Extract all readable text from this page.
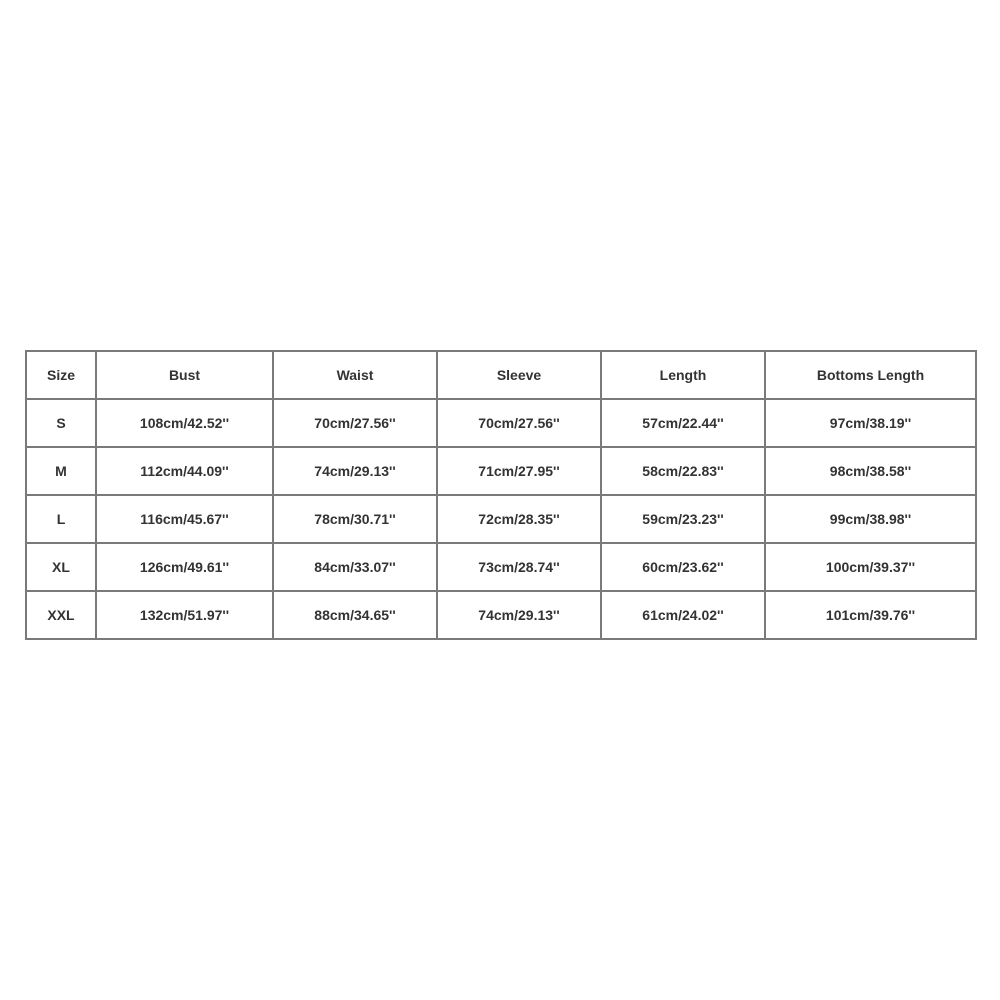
Size	Bust	Waist	Sleeve	Length	Bottoms Length
S	108cm/42.52''	70cm/27.56''	70cm/27.56''	57cm/22.44''	97cm/38.19''
M	112cm/44.09''	74cm/29.13''	71cm/27.95''	58cm/22.83''	98cm/38.58''
L	116cm/45.67''	78cm/30.71''	72cm/28.35''	59cm/23.23''	99cm/38.98''
XL	126cm/49.61''	84cm/33.07''	73cm/28.74''	60cm/23.62''	100cm/39.37''
XXL	132cm/51.97''	88cm/34.65''	74cm/29.13''	61cm/24.02''	101cm/39.76''
